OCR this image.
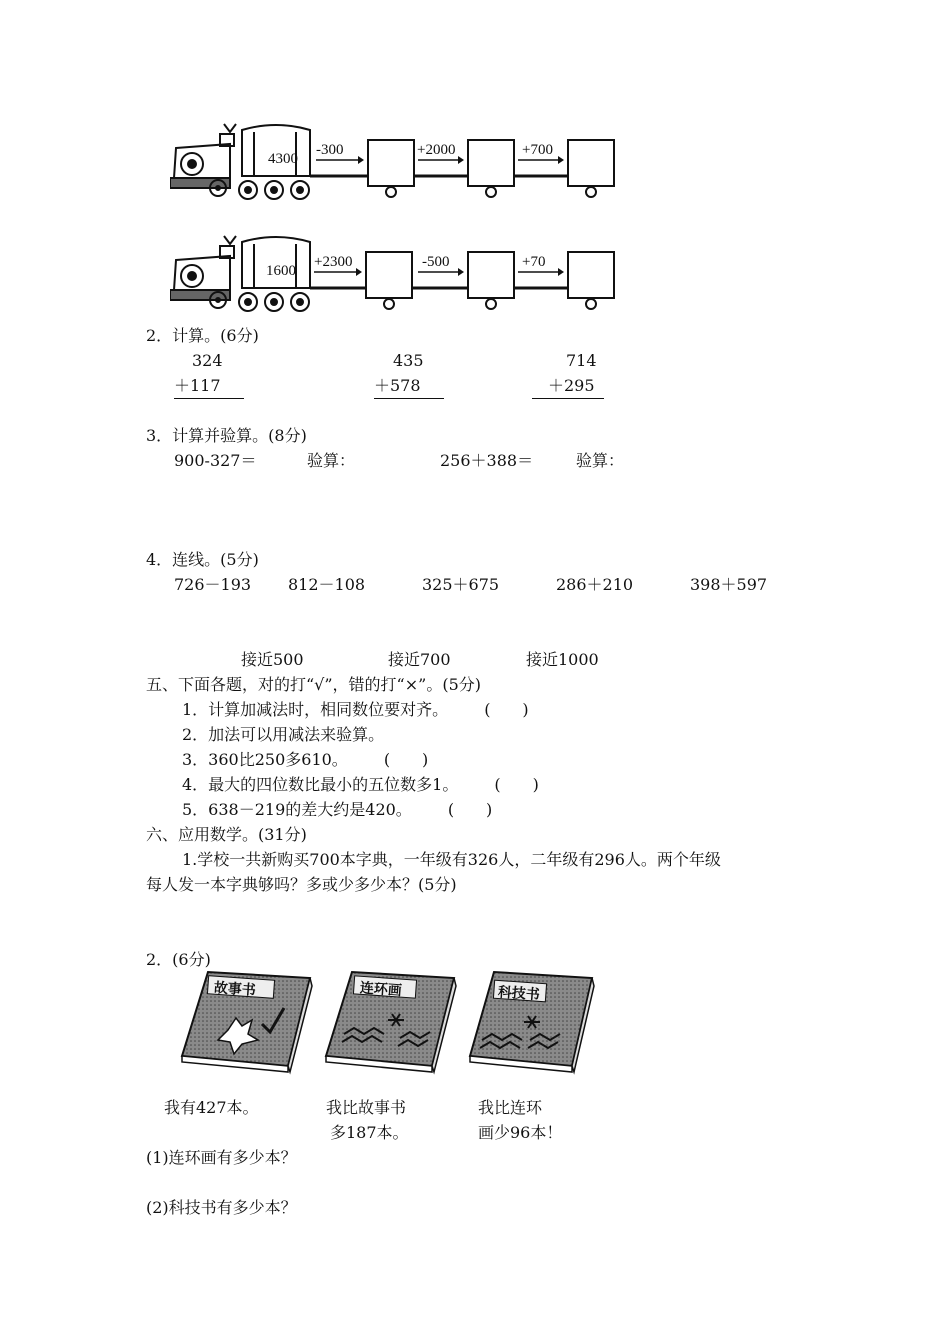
4300
-300	+2000	+700
1600
+2300	-500	+70
2．计算。(6分)
324
＋117
435
＋578
714
＋295
3．计算并验算。(8分)
900-327＝	验算：	256＋388＝	验算：
4．连线。(5分)
726－193 812－108	325＋675	286＋210	398＋597
接近500	接近700	接近1000
五、下面各题，对的打“√”，错的打“×”。(5分)
1．计算加减法时，相同数位要对齐。 (　　)
2．加法可以用减法来验算。
3．360比250多610。 (　　)
4．最大的四位数比最小的五位数多1。 (　　)
5．638－219的差大约是420。 (　　)
六、应用数学。(31分)
1.学校一共新购买700本字典，一年级有326人，二年级有296人。两个年级
每人发一本字典够吗？多或少多少本？(5分)
2．(6分)
故事书	连环画	科技书
我有427本。	我比故事书
多187本。
我比连环
画少96本！
(1)连环画有多少本？
(2)科技书有多少本？
